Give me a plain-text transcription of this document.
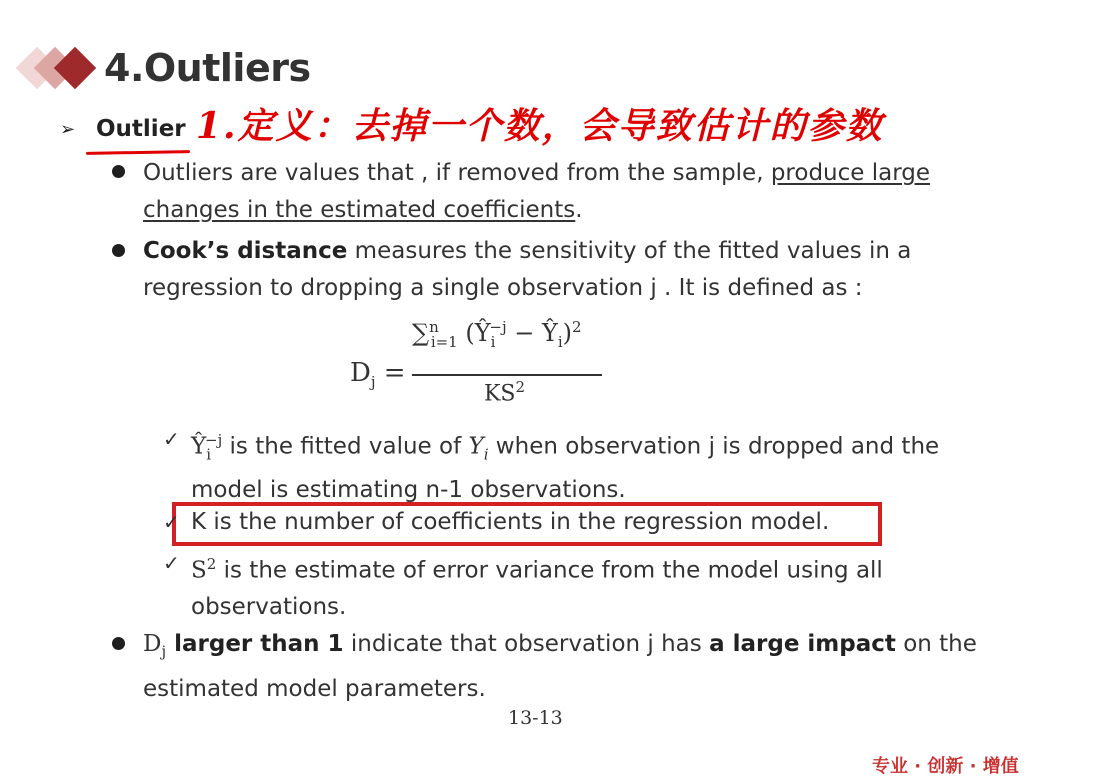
4.Outliers
➢ Outlier 1.定义：去掉一个数，会导致估计的参数
Outliers are values that , if removed from the sample, produce large
changes in the estimated coefficients.
Cook’s distance measures the sensitivity of the fitted values in a
regression to dropping a single observation j . It is defined as :
$D_j$ =
∑$^n_{i=1}$ ($Ŷ_i^{-j}$ − $Ŷ_i)^2$
$KS^2$
✓ $Ŷ_i^{-j}$ is the fitted value of $Y_i$ when observation j is dropped and the
model is estimating n-1 observations.
✓ K is the number of coefficients in the regression model.
✓ $S^2$ is the estimate of error variance from the model using all
observations.
$D_j$ larger than 1 indicate that observation j has a large impact on the
estimated model parameters.
13-13
专业 · 创新 · 增值
